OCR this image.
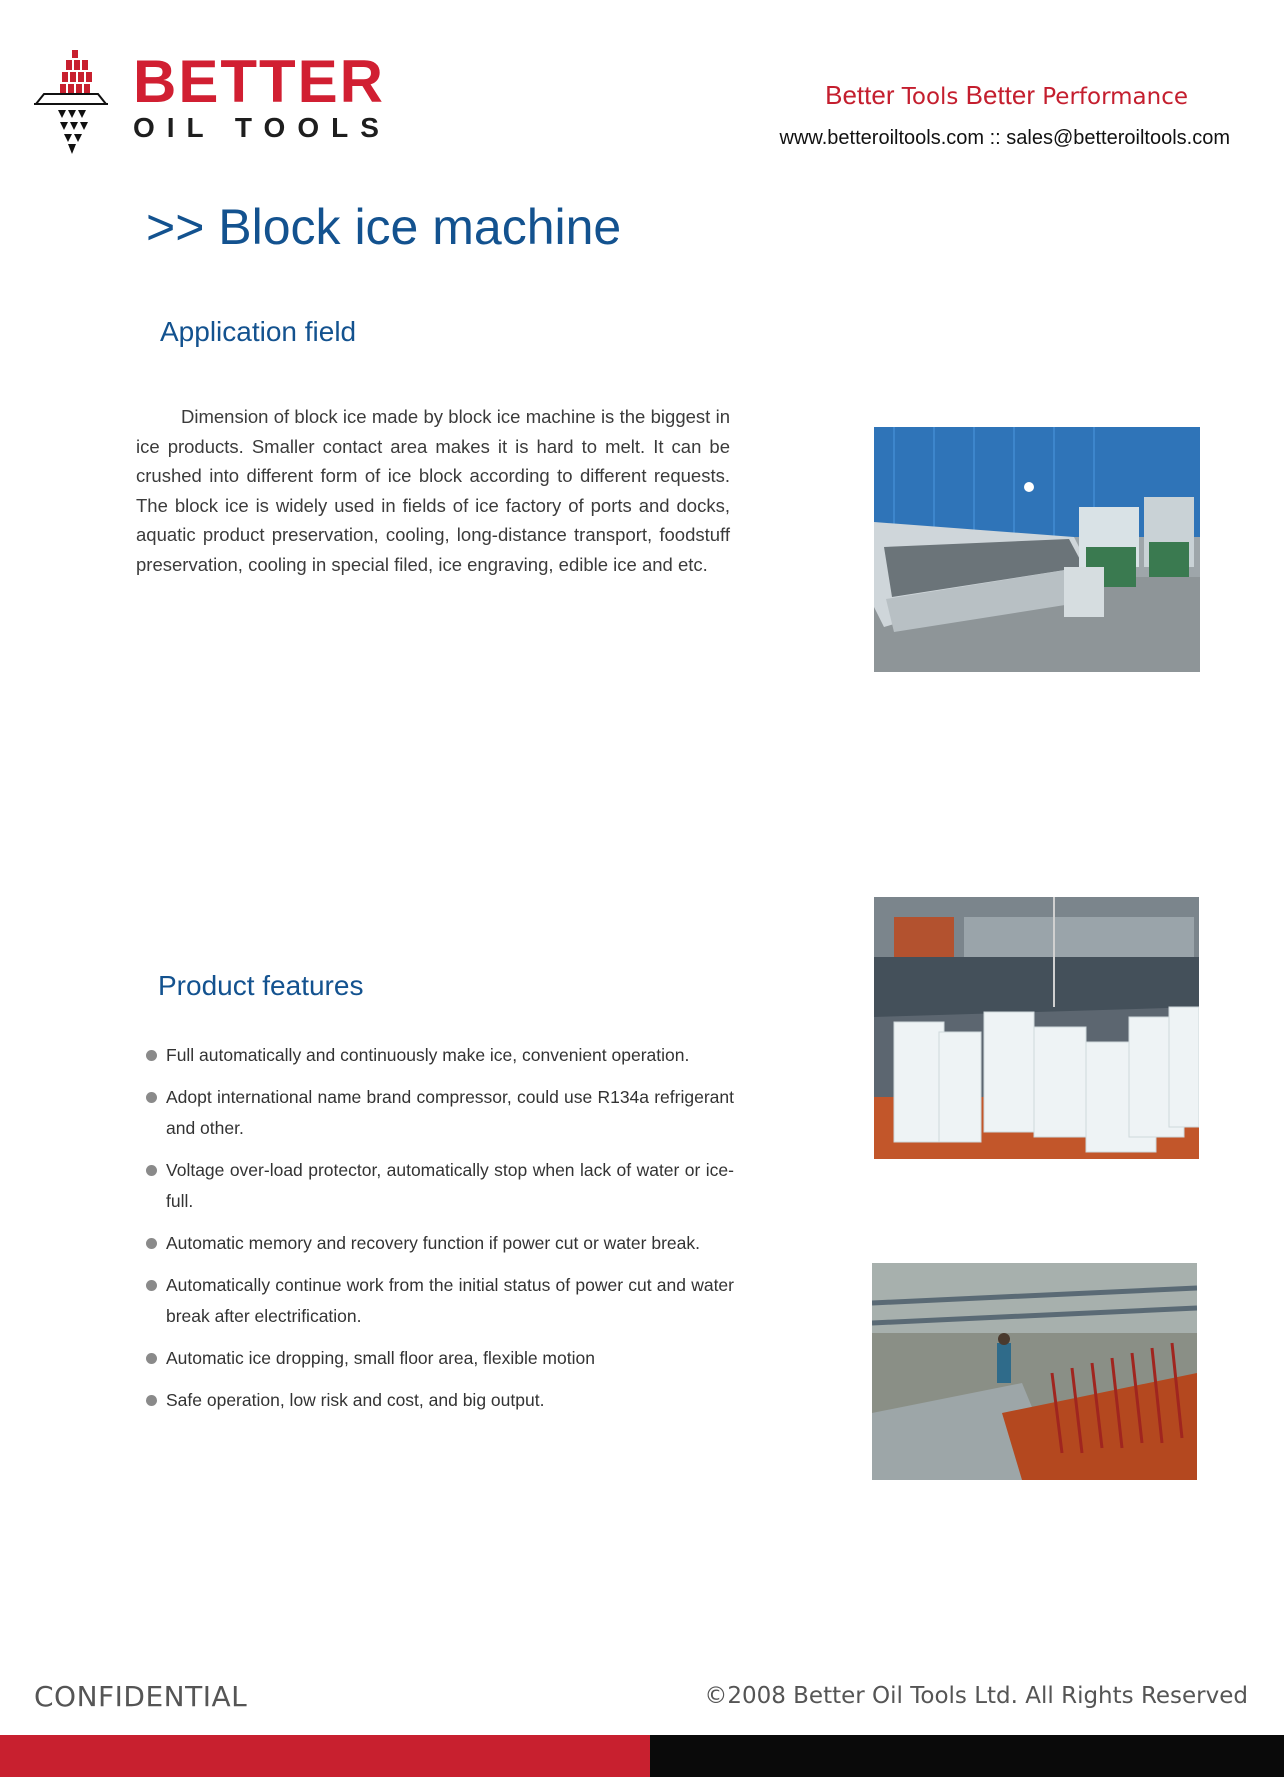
BETTER
OIL TOOLS
Better Tools Better Performance
www.betteroiltools.com :: sales@betteroiltools.com
>> Block ice machine
Application field

Dimension of block ice made by block ice machine is the biggest in ice products. Smaller contact area makes it is hard to melt. It can be crushed into different form of ice block according to different requests. The block ice is widely used in fields of ice factory of ports and docks, aquatic product preservation, cooling, long-distance transport, foodstuff preservation, cooling in special filed, ice engraving, edible ice and etc.

Product features
Full automatically and continuously make ice, convenient operation.
Adopt international name brand compressor, could use R134a refrigerant and other.
Voltage over-load protector, automatically stop when lack of water or ice-full.
Automatic memory and recovery function if power cut or water break.
Automatically continue work from the initial status of power cut and water break after electrification.
Automatic ice dropping, small floor area, flexible motion
Safe operation, low risk and cost, and big output.
CONFIDENTIAL	©2008 Better Oil Tools Ltd. All Rights Reserved
